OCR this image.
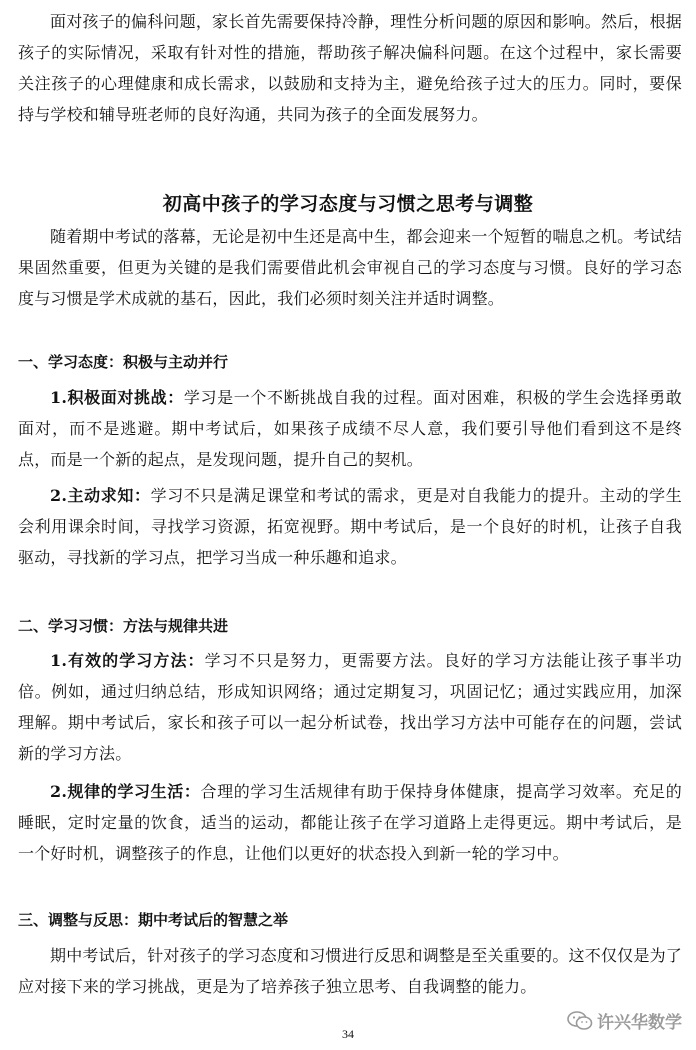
面对孩子的偏科问题，家长首先需要保持冷静，理性分析问题的原因和影响。然后，根据孩子的实际情况，采取有针对性的措施，帮助孩子解决偏科问题。在这个过程中，家长需要关注孩子的心理健康和成长需求，以鼓励和支持为主，避免给孩子过大的压力。同时，要保持与学校和辅导班老师的良好沟通，共同为孩子的全面发展努力。

初高中孩子的学习态度与习惯之思考与调整

随着期中考试的落幕，无论是初中生还是高中生，都会迎来一个短暂的喘息之机。考试结果固然重要，但更为关键的是我们需要借此机会审视自己的学习态度与习惯。良好的学习态度与习惯是学术成就的基石，因此，我们必须时刻关注并适时调整。

一、学习态度：积极与主动并行

1.积极面对挑战：学习是一个不断挑战自我的过程。面对困难，积极的学生会选择勇敢面对，而不是逃避。期中考试后，如果孩子成绩不尽人意，我们要引导他们看到这不是终点，而是一个新的起点，是发现问题，提升自己的契机。

2.主动求知：学习不只是满足课堂和考试的需求，更是对自我能力的提升。主动的学生会利用课余时间，寻找学习资源，拓宽视野。期中考试后，是一个良好的时机，让孩子自我驱动，寻找新的学习点，把学习当成一种乐趣和追求。

二、学习习惯：方法与规律共进

1.有效的学习方法：学习不只是努力，更需要方法。良好的学习方法能让孩子事半功倍。例如，通过归纳总结，形成知识网络；通过定期复习，巩固记忆；通过实践应用，加深理解。期中考试后，家长和孩子可以一起分析试卷，找出学习方法中可能存在的问题，尝试新的学习方法。

2.规律的学习生活：合理的学习生活规律有助于保持身体健康，提高学习效率。充足的睡眠，定时定量的饮食，适当的运动，都能让孩子在学习道路上走得更远。期中考试后，是一个好时机，调整孩子的作息，让他们以更好的状态投入到新一轮的学习中。

三、调整与反思：期中考试后的智慧之举

期中考试后，针对孩子的学习态度和习惯进行反思和调整是至关重要的。这不仅仅是为了应对接下来的学习挑战，更是为了培养孩子独立思考、自我调整的能力。

34
许兴华数学
